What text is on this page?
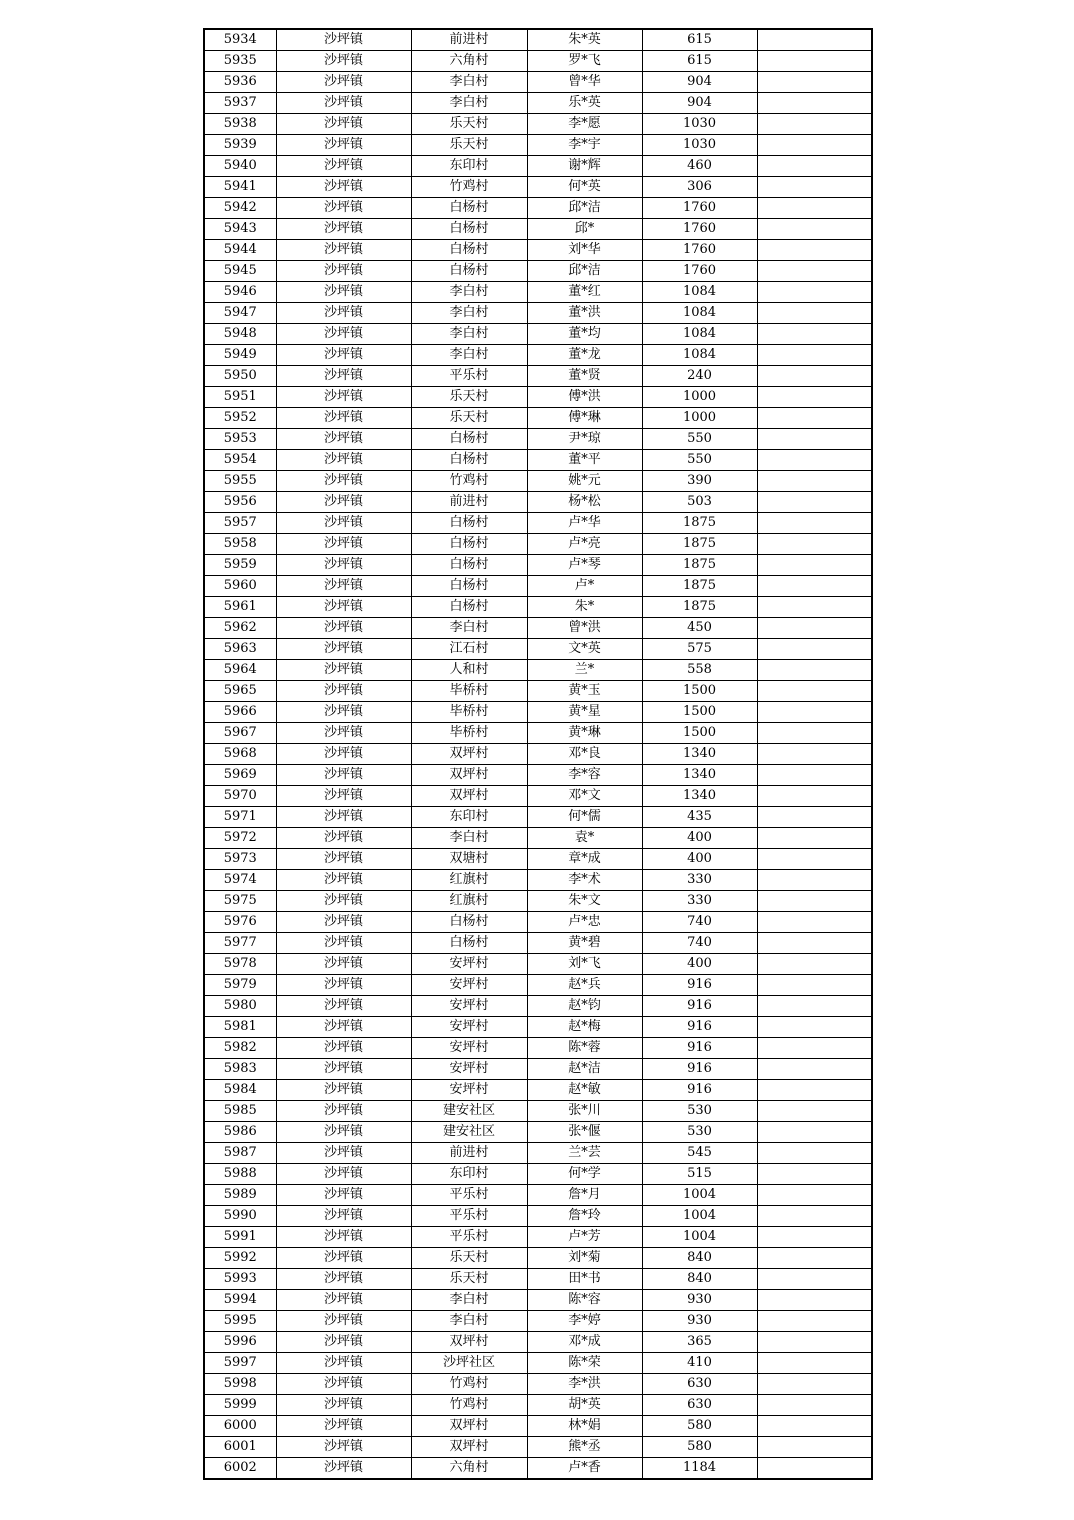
5934	沙坪镇	前进村	朱*英	615	
5935	沙坪镇	六角村	罗*飞	615	
5936	沙坪镇	李白村	曾*华	904	
5937	沙坪镇	李白村	乐*英	904	
5938	沙坪镇	乐天村	李*愿	1030	
5939	沙坪镇	乐天村	李*宇	1030	
5940	沙坪镇	东印村	谢*辉	460	
5941	沙坪镇	竹鸡村	何*英	306	
5942	沙坪镇	白杨村	邱*洁	1760	
5943	沙坪镇	白杨村	邱*	1760	
5944	沙坪镇	白杨村	刘*华	1760	
5945	沙坪镇	白杨村	邱*洁	1760	
5946	沙坪镇	李白村	董*红	1084	
5947	沙坪镇	李白村	董*洪	1084	
5948	沙坪镇	李白村	董*均	1084	
5949	沙坪镇	李白村	董*龙	1084	
5950	沙坪镇	平乐村	董*贤	240	
5951	沙坪镇	乐天村	傅*洪	1000	
5952	沙坪镇	乐天村	傅*琳	1000	
5953	沙坪镇	白杨村	尹*琼	550	
5954	沙坪镇	白杨村	董*平	550	
5955	沙坪镇	竹鸡村	姚*元	390	
5956	沙坪镇	前进村	杨*松	503	
5957	沙坪镇	白杨村	卢*华	1875	
5958	沙坪镇	白杨村	卢*亮	1875	
5959	沙坪镇	白杨村	卢*琴	1875	
5960	沙坪镇	白杨村	卢*	1875	
5961	沙坪镇	白杨村	朱*	1875	
5962	沙坪镇	李白村	曾*洪	450	
5963	沙坪镇	江石村	文*英	575	
5964	沙坪镇	人和村	兰*	558	
5965	沙坪镇	毕桥村	黄*玉	1500	
5966	沙坪镇	毕桥村	黄*星	1500	
5967	沙坪镇	毕桥村	黄*琳	1500	
5968	沙坪镇	双坪村	邓*良	1340	
5969	沙坪镇	双坪村	李*容	1340	
5970	沙坪镇	双坪村	邓*文	1340	
5971	沙坪镇	东印村	何*儒	435	
5972	沙坪镇	李白村	袁*	400	
5973	沙坪镇	双塘村	章*成	400	
5974	沙坪镇	红旗村	李*术	330	
5975	沙坪镇	红旗村	朱*文	330	
5976	沙坪镇	白杨村	卢*忠	740	
5977	沙坪镇	白杨村	黄*碧	740	
5978	沙坪镇	安坪村	刘*飞	400	
5979	沙坪镇	安坪村	赵*兵	916	
5980	沙坪镇	安坪村	赵*钧	916	
5981	沙坪镇	安坪村	赵*梅	916	
5982	沙坪镇	安坪村	陈*蓉	916	
5983	沙坪镇	安坪村	赵*洁	916	
5984	沙坪镇	安坪村	赵*敏	916	
5985	沙坪镇	建安社区	张*川	530	
5986	沙坪镇	建安社区	张*偃	530	
5987	沙坪镇	前进村	兰*芸	545	
5988	沙坪镇	东印村	何*学	515	
5989	沙坪镇	平乐村	詹*月	1004	
5990	沙坪镇	平乐村	詹*玲	1004	
5991	沙坪镇	平乐村	卢*芳	1004	
5992	沙坪镇	乐天村	刘*菊	840	
5993	沙坪镇	乐天村	田*书	840	
5994	沙坪镇	李白村	陈*容	930	
5995	沙坪镇	李白村	李*婷	930	
5996	沙坪镇	双坪村	邓*成	365	
5997	沙坪镇	沙坪社区	陈*荣	410	
5998	沙坪镇	竹鸡村	李*洪	630	
5999	沙坪镇	竹鸡村	胡*英	630	
6000	沙坪镇	双坪村	林*娟	580	
6001	沙坪镇	双坪村	熊*丞	580	
6002	沙坪镇	六角村	卢*香	1184	
